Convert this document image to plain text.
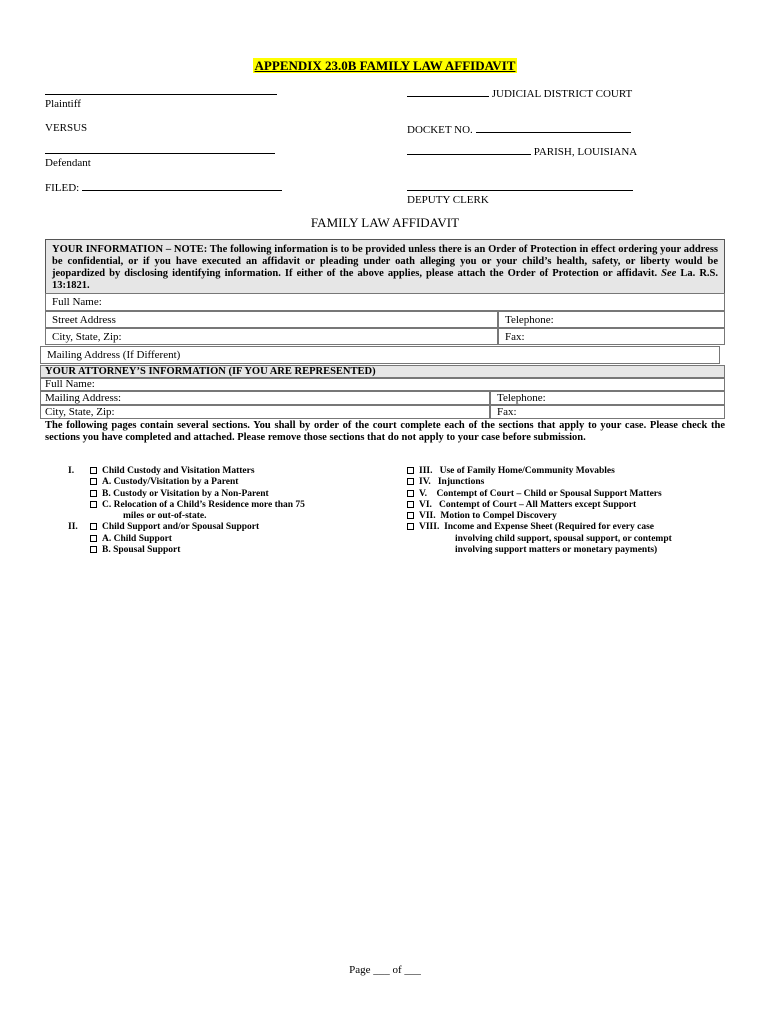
APPENDIX 23.0B FAMILY LAW AFFIDAVIT
Plaintiff
VERSUS
Defendant
FILED:
JUDICIAL DISTRICT COURT
DOCKET NO.
PARISH, LOUISIANA
DEPUTY CLERK
FAMILY LAW AFFIDAVIT
YOUR INFORMATION – NOTE: The following information is to be provided unless there is an Order of Protection in effect ordering your address be confidential, or if you have executed an affidavit or pleading under oath alleging you or your child’s health, safety, or liberty would be jeopardized by disclosing identifying information. If either of the above applies, please attach the Order of Protection or affidavit. See La. R.S. 13:1821.
Full Name:
Street Address	Telephone:
City, State, Zip:	Fax:
Mailing Address (If Different)
YOUR ATTORNEY’S INFORMATION (IF YOU ARE REPRESENTED)
Full Name:
Mailing Address:	Telephone:
City, State, Zip:	Fax:
The following pages contain several sections. You shall by order of the court complete each of the sections that apply to your case. Please check the sections you have completed and attached. Please remove those sections that do not apply to your case before submission.
I.	Child Custody and Visitation Matters
A. Custody/Visitation by a Parent
B. Custody or Visitation by a Non-Parent
C. Relocation of a Child’s Residence more than 75
miles or out-of-state.
II.	Child Support and/or Spousal Support
A. Child Support
B. Spousal Support
III.   Use of Family Home/Community Movables
IV.   Injunctions
V.    Contempt of Court – Child or Spousal Support Matters
VI.   Contempt of Court – All Matters except Support
VII.  Motion to Compel Discovery
VIII.  Income and Expense Sheet (Required for every case
involving child support, spousal support, or contempt
involving support matters or monetary payments)
Page ___ of ___
